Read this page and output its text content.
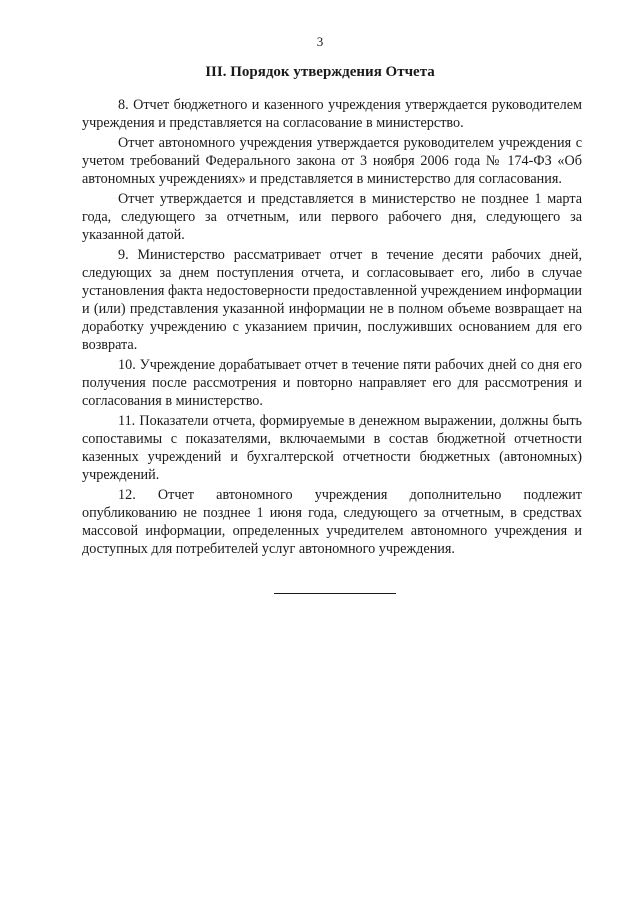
3
III. Порядок утверждения Отчета

8. Отчет бюджетного и казенного учреждения утверждается руководителем учреждения и представляется на согласование в министерство.

Отчет автономного учреждения утверждается руководителем учреждения с учетом требований Федерального закона от 3 ноября 2006 года № 174-ФЗ «Об автономных учреждениях» и представляется в министерство для согласования.

Отчет утверждается и представляется в министерство не позднее 1 марта года, следующего за отчетным, или первого рабочего дня, следующего за указанной датой.

9. Министерство рассматривает отчет в течение десяти рабочих дней, следующих за днем поступления отчета, и согласовывает его, либо в случае установления факта недостоверности предоставленной учреждением информации и (или) представления указанной информации не в полном объеме возвращает на доработку учреждению с указанием причин, послуживших основанием для его возврата.

10. Учреждение дорабатывает отчет в течение пяти рабочих дней со дня его получения после рассмотрения и повторно направляет его для рассмотрения и согласования в министерство.

11. Показатели отчета, формируемые в денежном выражении, должны быть сопоставимы с показателями, включаемыми в состав бюджетной отчетности казенных учреждений и бухгалтерской отчетности бюджетных (автономных) учреждений.

12. Отчет автономного учреждения дополнительно подлежит опубликованию не позднее 1 июня года, следующего за отчетным, в средствах массовой информации, определенных учредителем автономного учреждения и доступных для потребителей услуг автономного учреждения.
